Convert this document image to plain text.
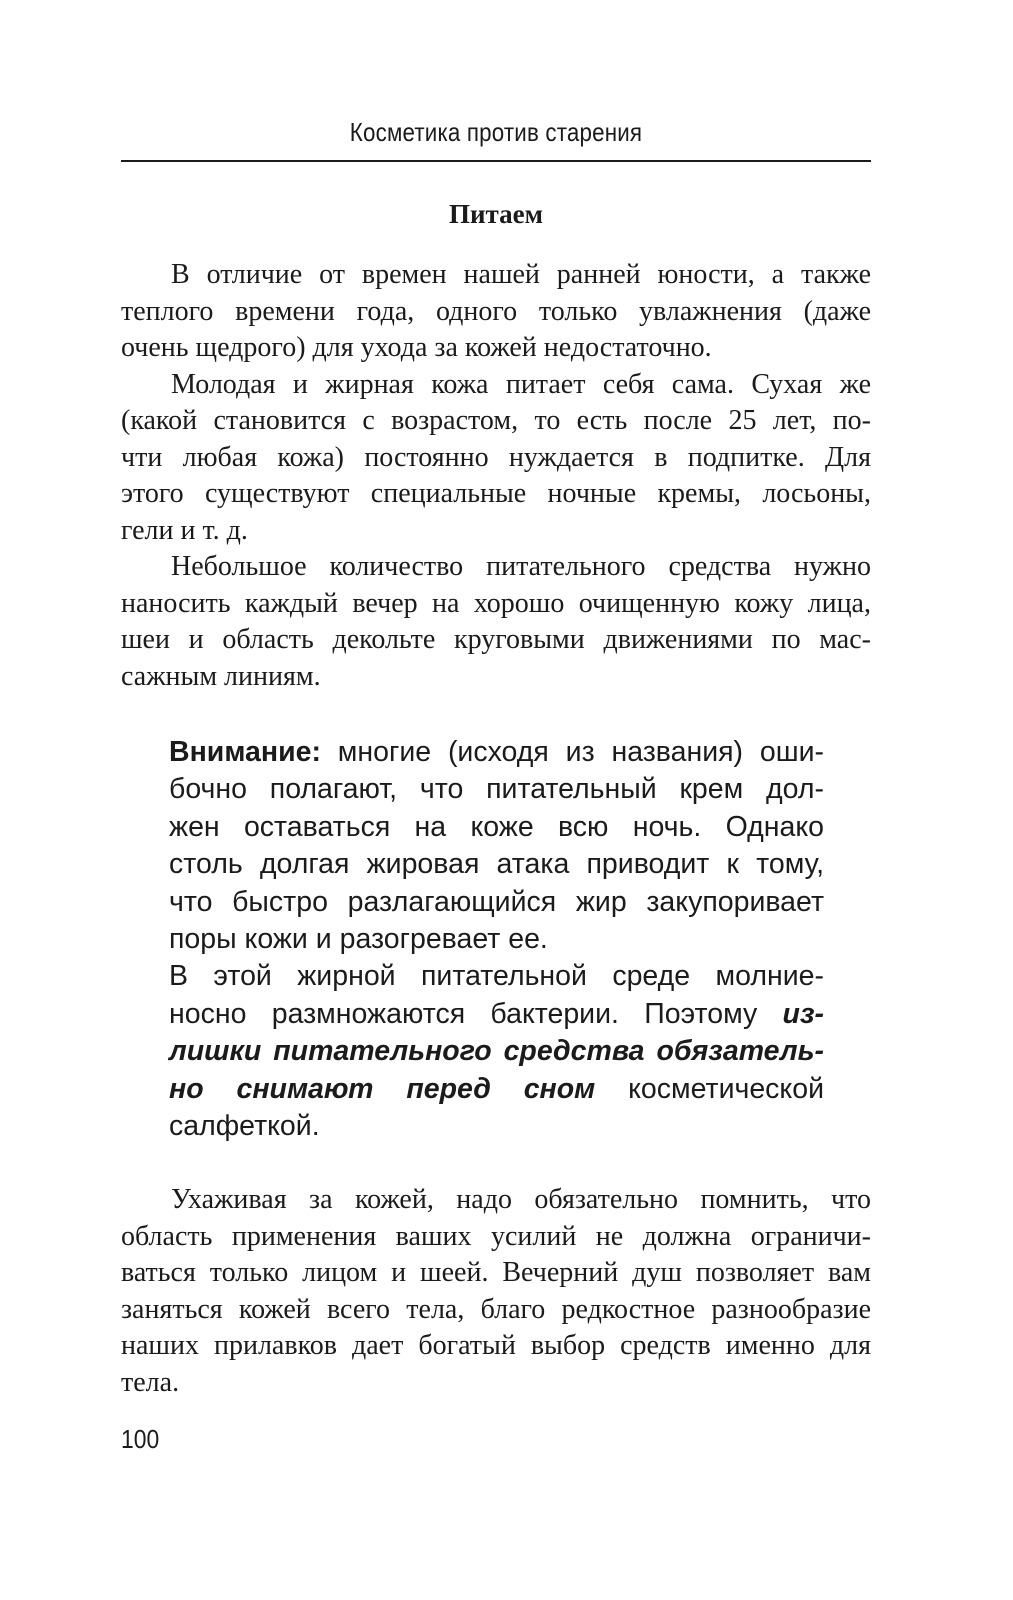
Косметика против старения
Питаем
В отличие от времен нашей ранней юности, а также
теплого времени года, одного только увлажнения (даже
очень щедрого) для ухода за кожей недостаточно.
Молодая и жирная кожа питает себя сама. Сухая же
(какой становится с возрастом, то есть после 25 лет, по-
чти любая кожа) постоянно нуждается в подпитке. Для
этого существуют специальные ночные кремы, лосьоны,
гели и т. д.
Небольшое количество питательного средства нужно
наносить каждый вечер на хорошо очищенную кожу лица,
шеи и область декольте круговыми движениями по мас-
сажным линиям.
Внимание: многие (исходя из названия) оши-
бочно полагают, что питательный крем дол-
жен оставаться на коже всю ночь. Однако
столь долгая жировая атака приводит к тому,
что быстро разлагающийся жир закупоривает
поры кожи и разогревает ее.
В этой жирной питательной среде молние-
носно размножаются бактерии. Поэтому из-
лишки питательного средства обязатель-
но снимают перед сном косметической
салфеткой.
Ухаживая за кожей, надо обязательно помнить, что
область применения ваших усилий не должна ограничи-
ваться только лицом и шеей. Вечерний душ позволяет вам
заняться кожей всего тела, благо редкостное разнообразие
наших прилавков дает богатый выбор средств именно для
тела.
100
